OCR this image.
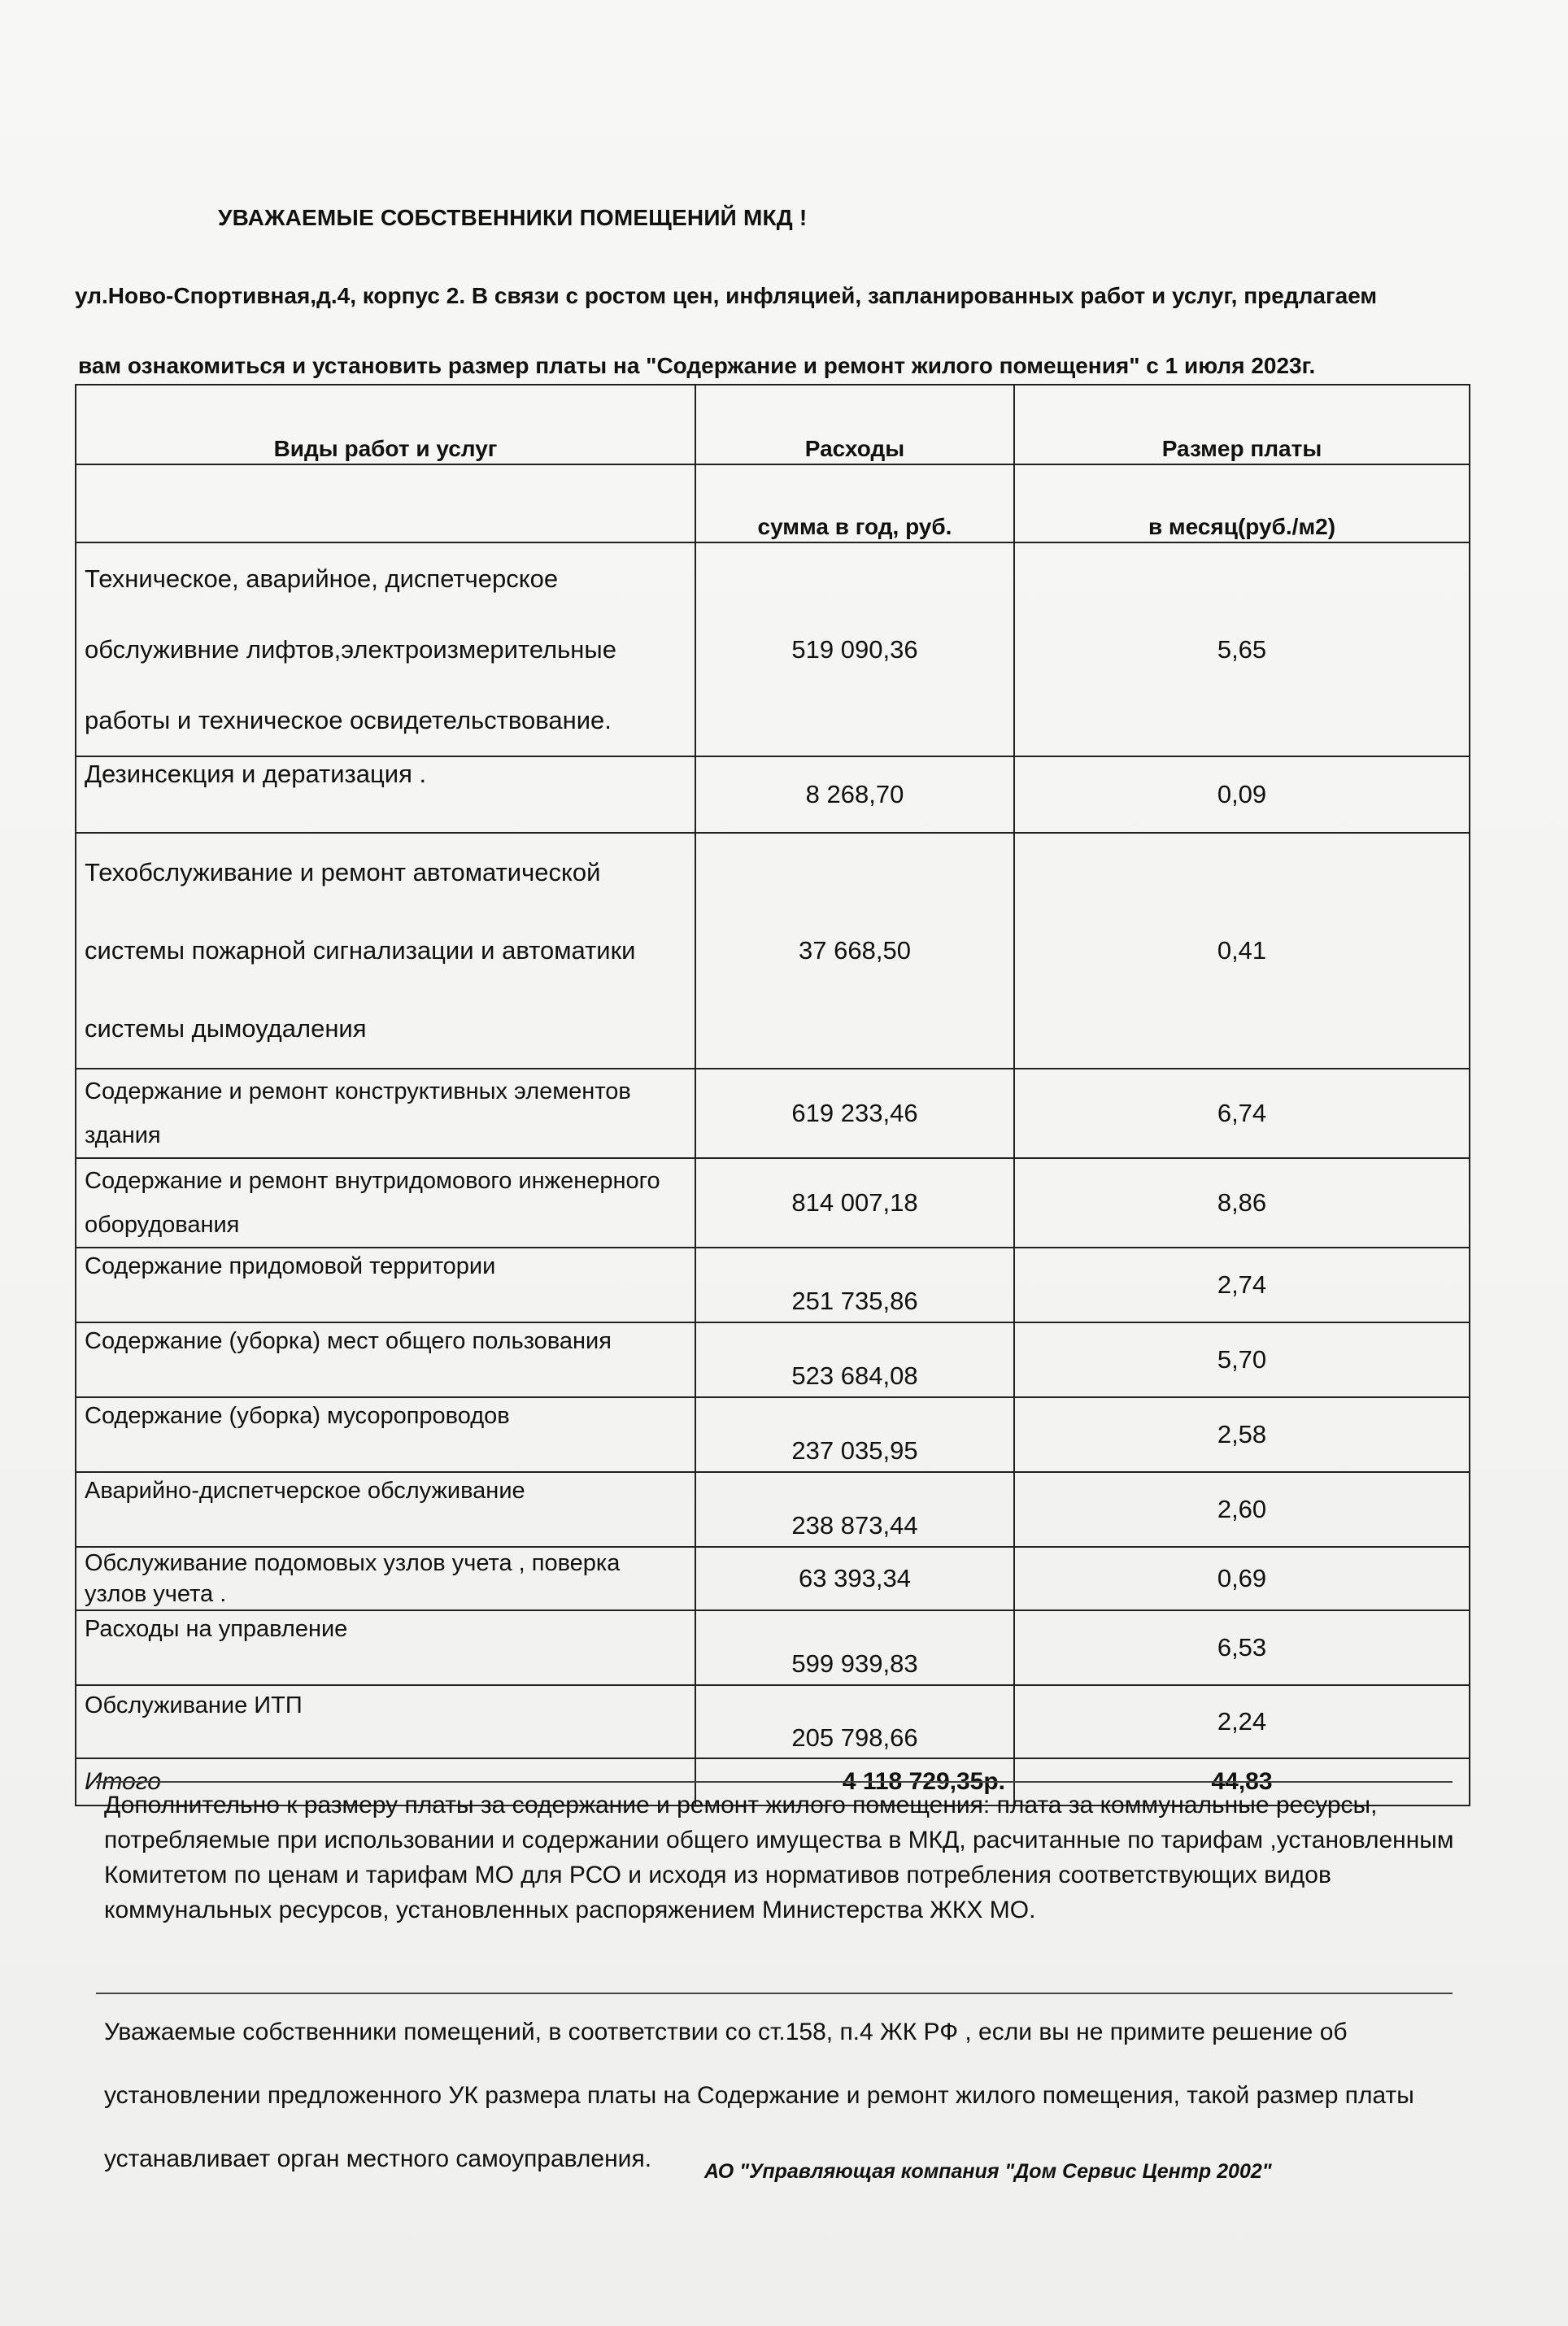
УВАЖАЕМЫЕ СОБСТВЕННИКИ ПОМЕЩЕНИЙ МКД !
ул.Ново-Спортивная,д.4, корпус 2. В связи с ростом цен, инфляцией, запланированных работ и услуг, предлагаем
вам ознакомиться и установить размер платы на "Содержание и ремонт жилого помещения" с 1 июля 2023г.
Виды работ и услуг	Расходы	Размер платы
	сумма в год, руб.	в месяц(руб./м2)
Техническое, аварийное, диспетчерское обслуживние лифтов,электроизмерительные работы и техническое освидетельствование.	519 090,36	5,65
Дезинсекция и дератизация .	8 268,70	0,09
Техобслуживание и ремонт автоматической системы пожарной сигнализации и автоматики системы дымоудаления	37 668,50	0,41
Содержание и ремонт конструктивных элементов здания	619 233,46	6,74
Содержание и ремонт внутридомового инженерного оборудования	814 007,18	8,86
Содержание придомовой территории	251 735,86	2,74
Содержание (уборка) мест общего пользования	523 684,08	5,70
Содержание (уборка) мусоропроводов	237 035,95	2,58
Аварийно-диспетчерское обслуживание	238 873,44	2,60
Обслуживание подомовых узлов учета , поверка узлов учета .	63 393,34	0,69
Расходы на управление	599 939,83	6,53
Обслуживание ИТП	205 798,66	2,24
Итого	4 118 729,35р.	44,83
Дополнительно к размеру платы за содержание и ремонт жилого помещения: плата за коммунальные ресурсы, потребляемые при использовании и содержании общего имущества в МКД, расчитанные по тарифам ,установленным Комитетом по ценам и тарифам МО для РСО и исходя из нормативов потребления соответствующих видов коммунальных ресурсов, установленных распоряжением Министерства ЖКХ МО.
Уважаемые собственники помещений, в соответствии со ст.158, п.4 ЖК РФ , если вы не примите решение об установлении предложенного УК размера платы на Содержание и ремонт жилого помещения, такой размер платы устанавливает орган местного самоуправления.	АО "Управляющая компания "Дом Сервис Центр 2002"
